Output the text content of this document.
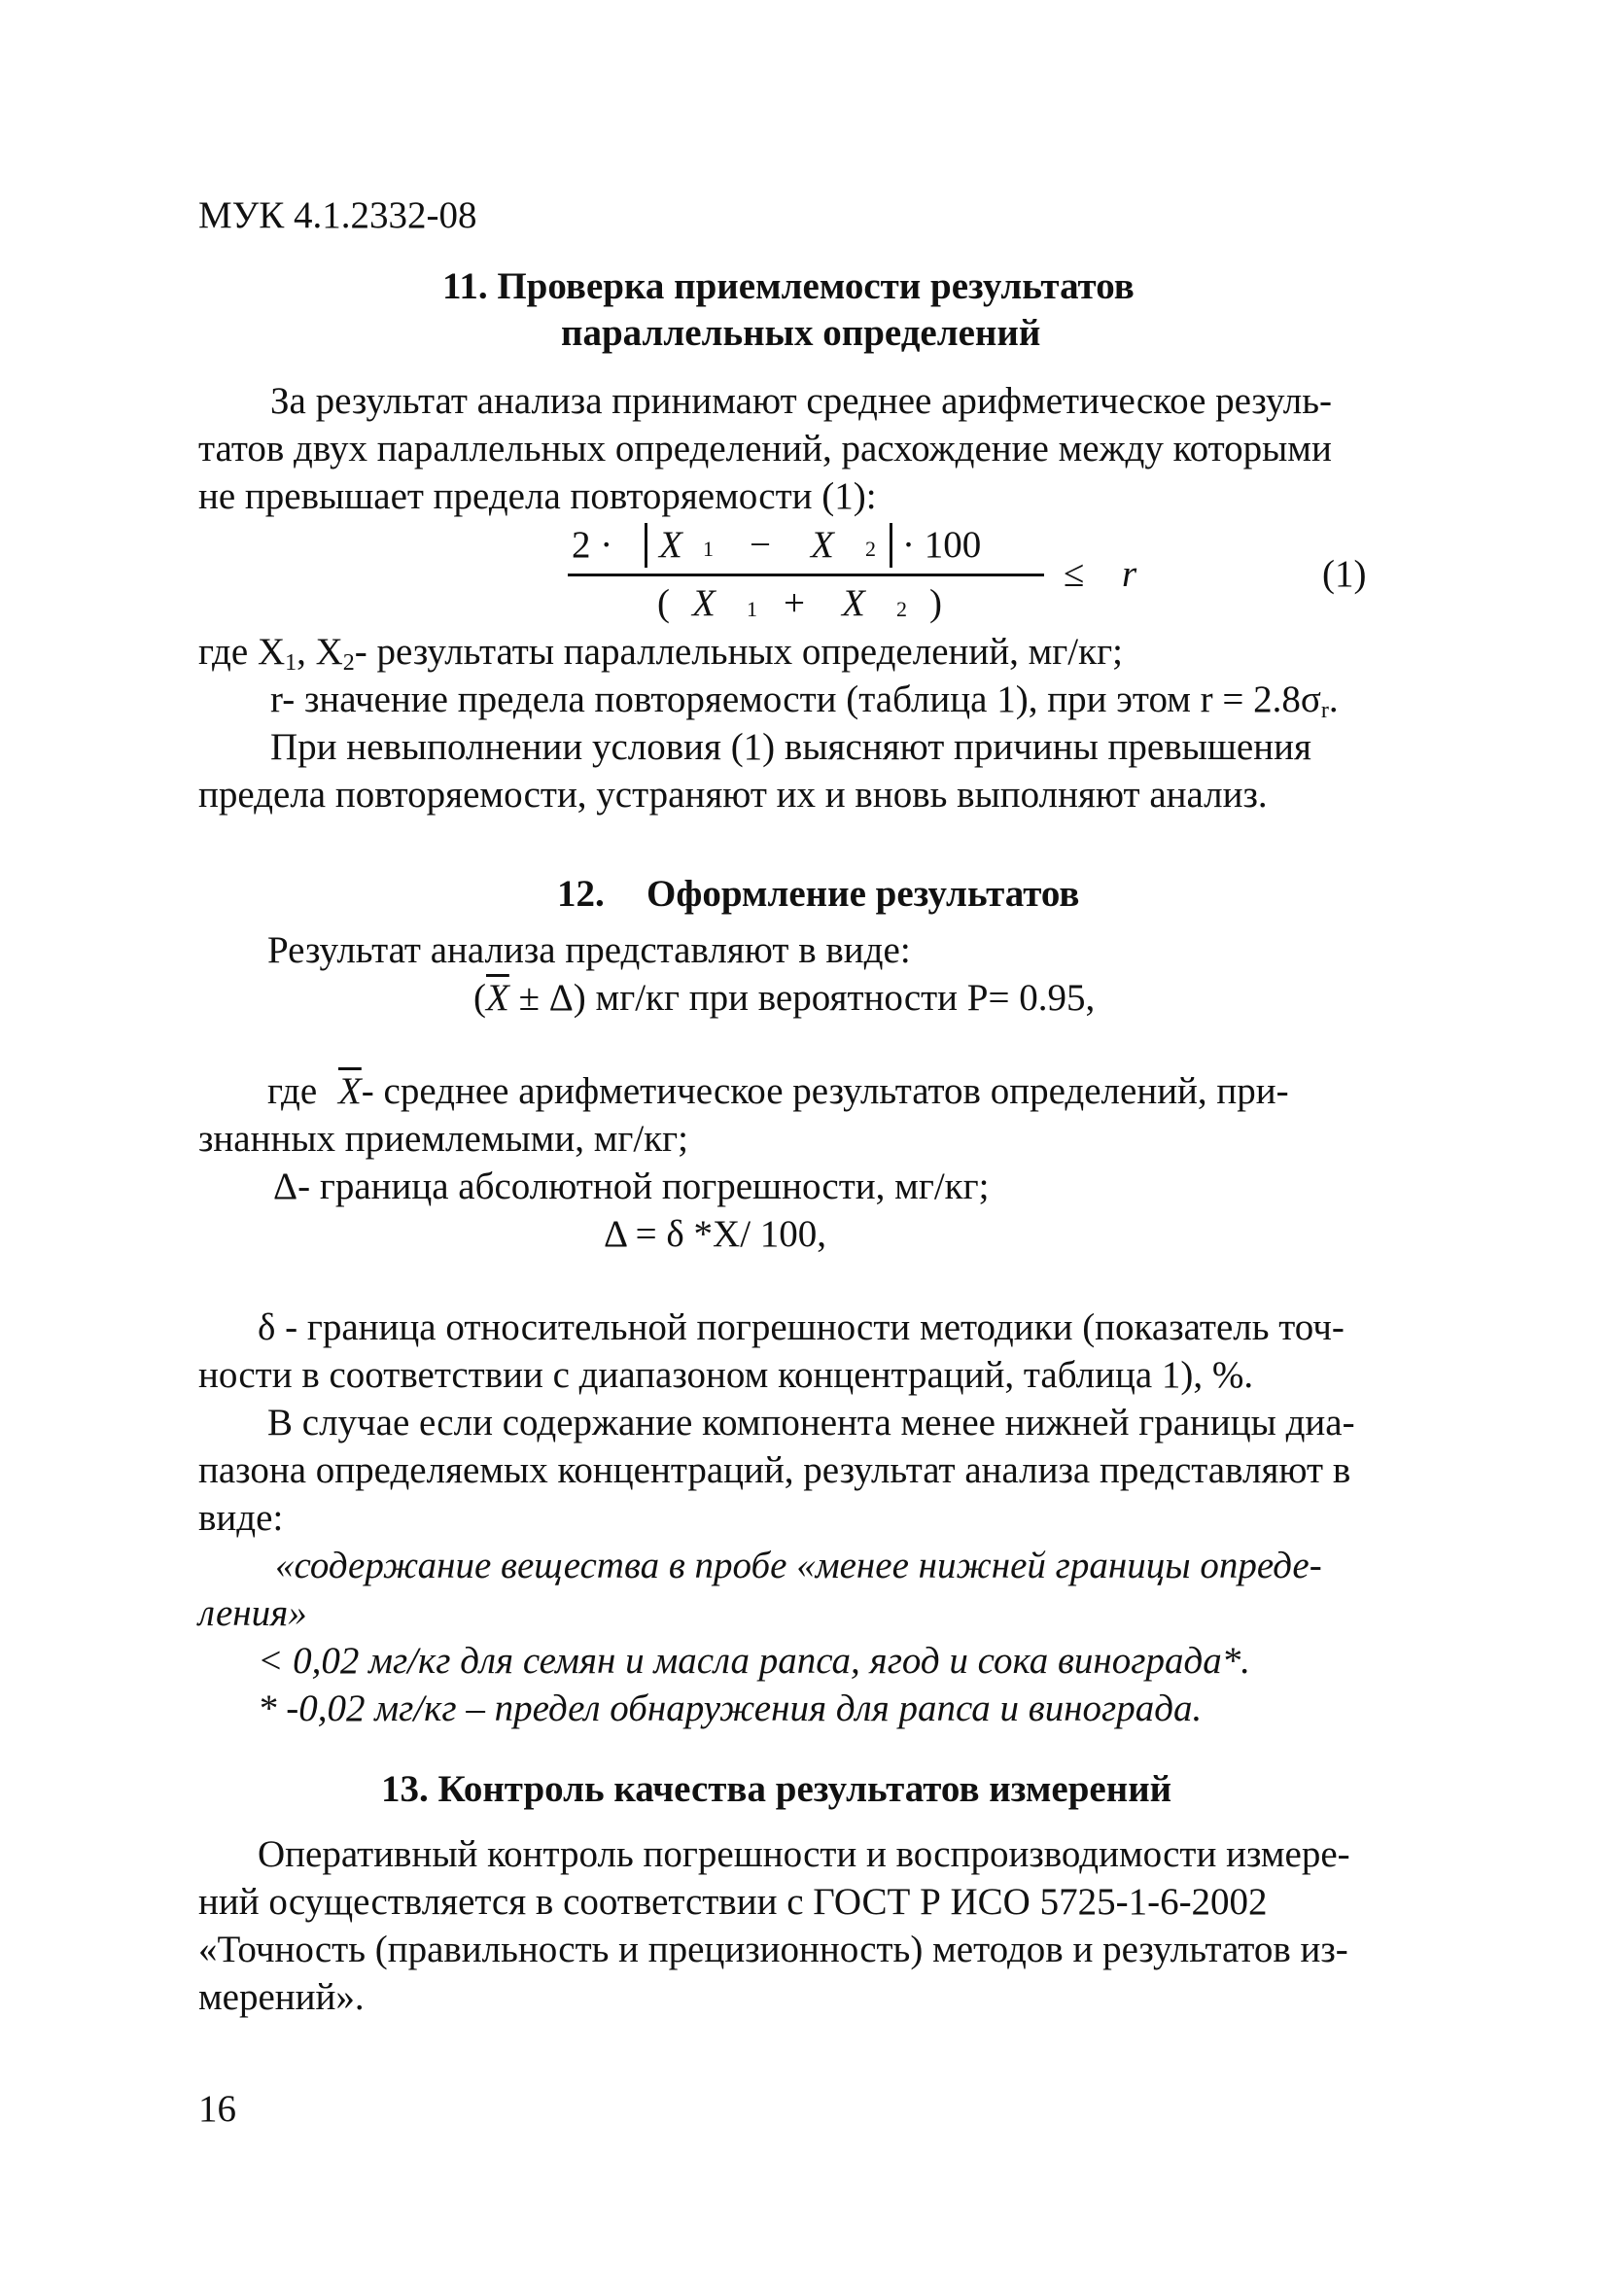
МУК 4.1.2332-08
11. Проверка приемлемости результатов
параллельных определений
За результат анализа принимают среднее арифметическое резуль-
татов двух параллельных определений, расхождение между которыми
не превышает предела повторяемости (1):
2 · X 1 − X 2 · 100
( X 1 + X 2 )
≤ r	(1)
где $X_1$, $X_2-$ результаты параллельных определений, мг/кг;
r- значение предела повторяемости (таблица 1), при этом $r = 2.8\sigma_r$.
При невыполнении условия (1) выясняют причины превышения
предела повторяемости, устраняют их и вновь выполняют анализ.
12. Оформление результатов
Результат анализа представляют в виде:
$(\overline{X} \pm \Delta)$ мг/кг при вероятности Р= 0.95,
где $\overline{X}-$ среднее арифметическое результатов определений, при-
знанных приемлемыми, мг/кг;
Δ- граница абсолютной погрешности, мг/кг;
Δ = δ *X/ 100,
δ - граница относительной погрешности методики (показатель точ-
ности в соответствии с диапазоном концентраций, таблица 1), %.
В случае если содержание компонента менее нижней границы диа-
пазона определяемых концентраций, результат анализа представляют в
виде:
«содержание вещества в пробе «менее нижней границы опреде-
ления»
< 0,02 мг/кг для семян и масла рапса, ягод и сока винограда*.
* -0,02 мг/кг – предел обнаружения для рапса и винограда.
13. Контроль качества результатов измерений
Оперативный контроль погрешности и воспроизводимости измере-
ний осуществляется в соответствии с ГОСТ Р ИСО 5725-1-6-2002
«Точность (правильность и прецизионность) методов и результатов из-
мерений».
16
